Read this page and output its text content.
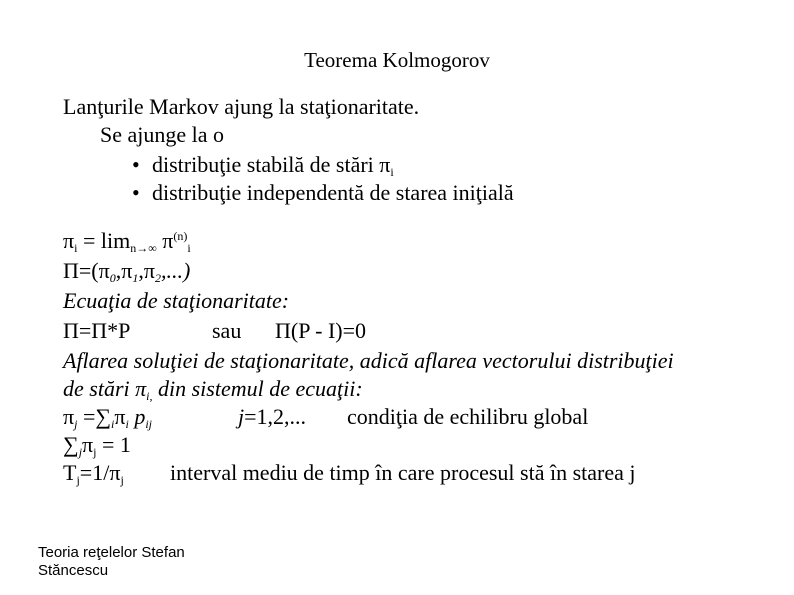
Teorema Kolmogorov
Lanţurile Markov ajung la staţionaritate.
Se ajunge la o
• distribuţie stabilă de stări $\pi_i$
• distribuţie independentă de starea iniţială
$\pi_i = \lim_{n\to\infty} \pi^{(n)}_i$
$\Pi=(\pi_0,\pi_1,\pi_2,...)$
Ecuaţia de staţionaritate:
Π=Π*P	sau Π(P - I)=0
Aflarea soluţiei de staţionaritate, adică aflarea vectorului distribuţiei
de stări $\pi_{i,}$ din sistemul de ecuaţii:
$\pi_j =\sum_i\pi_i$ $p_{ij}$	j=1,2,... condiţia de echilibru global
$\sum_j\pi_j = 1$
$T_j=1/\pi_j$ interval mediu de timp în care procesul stă în starea j
Teoria reţelelor Stefan
Stăncescu
